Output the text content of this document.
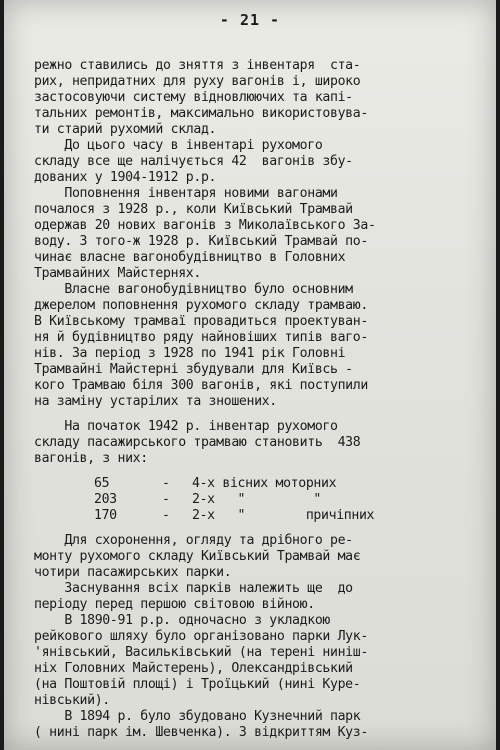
- 21 -
режно ставились до зняття з інвентаря  ста-
рих, непридатних для руху вагонів і, широко
застосовуючи систему відновлюючих та капі-
тальних ремонтів, максимально використовува-
ти старий рухомий склад.
До цього часу в інвентарі рухомого
складу все ще налічується 42  вагонів збу-
дованих у 1904-1912 р.р.
Поповнення інвентаря новими вагонами
почалося з 1928 р., коли Київський Трамвай
одержав 20 нових вагонів з Миколаївського За-
воду. З того-ж 1928 р. Київський Трамвай по-
чинає власне вагонобудівництво в Головних
Трамвайних Майстернях.
Власне вагонобудівництво було основним
джерелом поповнення рухомого складу трамваю.
В Київському трамваї провадиться проектуван-
ня й будівництво ряду найновіших типів ваго-
нів. За період з 1928 по 1941 рік Головні
Трамвайні Майстерні збудували для Київсь -
кого Трамваю біля 300 вагонів, які поступили
на заміну устарілих та зношених.
На початок 1942 р. інвентар рухомого
складу пасажирського трамваю становить  438
вагонів, з них:
65	- 4-х вісних моторних
203	- 2-х   "         "
170	- 2-х   "        причіпних
Для схоронення, огляду та дрібного ре-
монту рухомого складу Київський Трамвай має
чотири пасажирських парки.
Заснування всіх парків належить ще  до
періоду перед першою світовою війною.
В 1890-91 р.р. одночасно з укладкою
рейкового шляху було організовано парки Лук-
'янівський, Васильківський (на терені нинiш-
ніх Головних Майстерень), Олександрівський
(на Поштовій площі) і Троїцький (нині Куре-
нівський).
В 1894 р. було збудовано Кузнечний парк
( нині парк ім. Шевченка). З відкриттям Куз-
